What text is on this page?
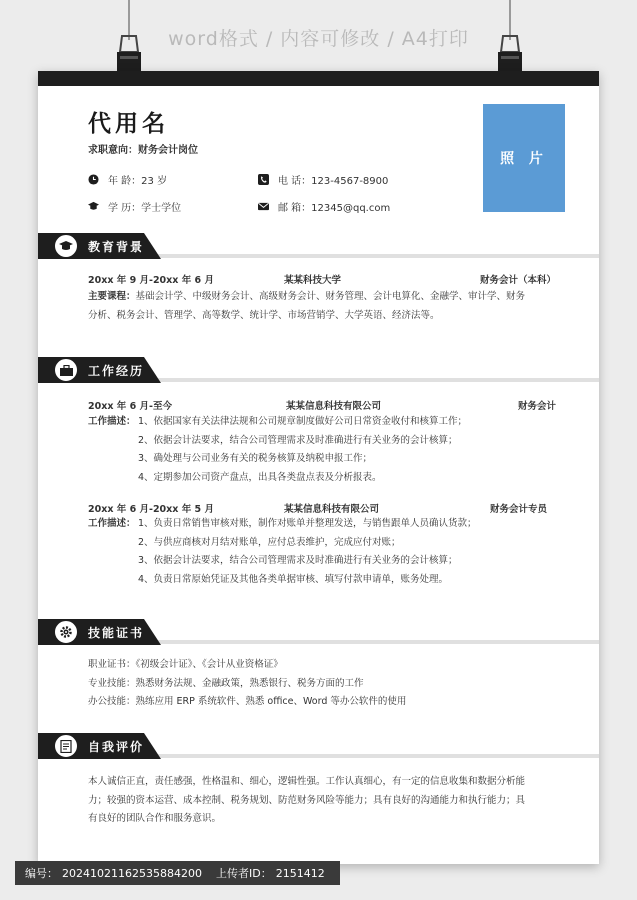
word格式 / 内容可修改 / A4打印
代用名
求职意向：财务会计岗位
年 龄：23 岁
学 历：学士学位
电 话：123-4567-8900
邮 箱：12345@qq.com
照 片
教育背景
20xx 年 9 月-20xx 年 6 月	某某科技大学	财务会计（本科）
主要课程：基础会计学、中级财务会计、高级财务会计、财务管理、会计电算化、金融学、审计学、财务
分析、税务会计、管理学、高等数学、统计学、市场营销学、大学英语、经济法等。
工作经历
20xx 年 6 月-至今	某某信息科技有限公司	财务会计
工作描述： 1、依据国家有关法律法规和公司规章制度做好公司日常资金收付和核算工作；
2、依据会计法要求，结合公司管理需求及时准确进行有关业务的会计核算；
3、确处理与公司业务有关的税务核算及纳税申报工作；
4、定期参加公司资产盘点，出具各类盘点表及分析报表。
20xx 年 6 月-20xx 年 5 月	某某信息科技有限公司	财务会计专员
工作描述： 1、负责日常销售审核对账，制作对账单并整理发送，与销售跟单人员确认货款；
2、与供应商核对月结对账单，应付总表维护，完成应付对账；
3、依据会计法要求，结合公司管理需求及时准确进行有关业务的会计核算；
4、负责日常原始凭证及其他各类单据审核、填写付款申请单，账务处理。
技能证书
职业证书：《初级会计证》、《会计从业资格证》
专业技能：熟悉财务法规、金融政策，熟悉银行、税务方面的工作
办公技能：熟练应用 ERP 系统软件、熟悉 office、Word 等办公软件的使用
自我评价
本人诚信正直，责任感强，性格温和、细心，逻辑性强。工作认真细心，有一定的信息收集和数据分析能
力；较强的资本运营、成本控制、税务规划、防范财务风险等能力；具有良好的沟通能力和执行能力；具
有良好的团队合作和服务意识。
编号： 20241021162535884200 上传者ID： 2151412
